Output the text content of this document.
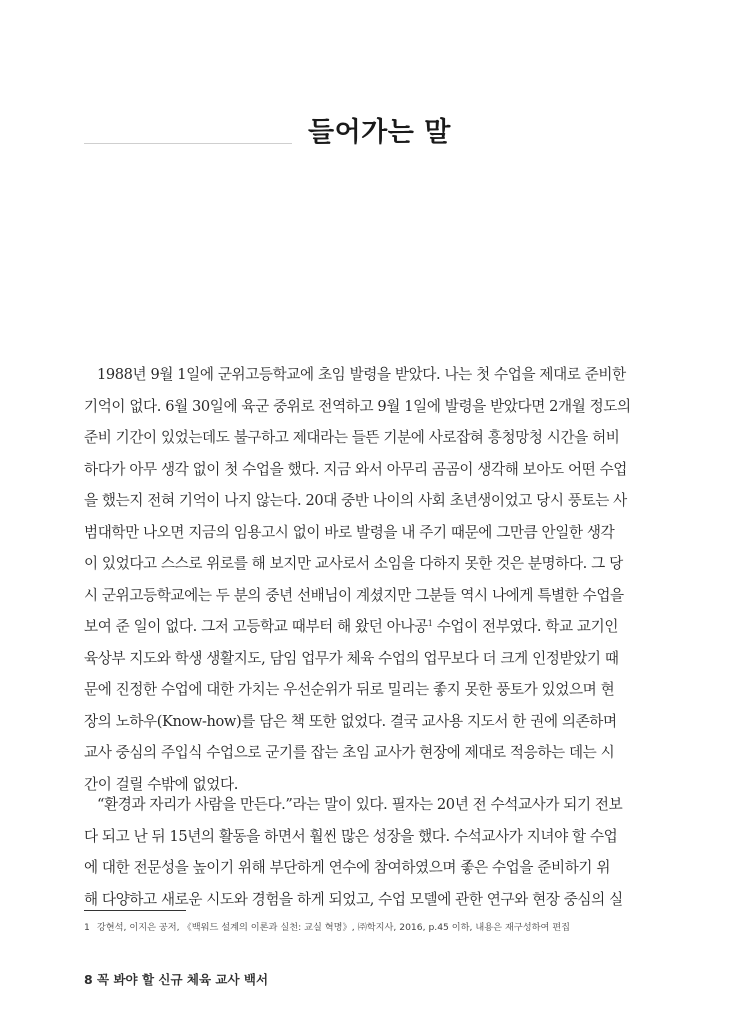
들어가는 말
1988년 9월 1일에 군위고등학교에 초임 발령을 받았다. 나는 첫 수업을 제대로 준비한
기억이 없다. 6월 30일에 육군 중위로 전역하고 9월 1일에 발령을 받았다면 2개월 정도의
준비 기간이 있었는데도 불구하고 제대라는 들뜬 기분에 사로잡혀 흥청망청 시간을 허비
하다가 아무 생각 없이 첫 수업을 했다. 지금 와서 아무리 곰곰이 생각해 보아도 어떤 수업
을 했는지 전혀 기억이 나지 않는다. 20대 중반 나이의 사회 초년생이었고 당시 풍토는 사
범대학만 나오면 지금의 임용고시 없이 바로 발령을 내 주기 때문에 그만큼 안일한 생각
이 있었다고 스스로 위로를 해 보지만 교사로서 소임을 다하지 못한 것은 분명하다. 그 당
시 군위고등학교에는 두 분의 중년 선배님이 계셨지만 그분들 역시 나에게 특별한 수업을
보여 준 일이 없다. 그저 고등학교 때부터 해 왔던 아나공$^1$ 수업이 전부였다. 학교 교기인
육상부 지도와 학생 생활지도, 담임 업무가 체육 수업의 업무보다 더 크게 인정받았기 때
문에 진정한 수업에 대한 가치는 우선순위가 뒤로 밀리는 좋지 못한 풍토가 있었으며 현
장의 노하우(Know-how)를 담은 책 또한 없었다. 결국 교사용 지도서 한 권에 의존하며
교사 중심의 주입식 수업으로 군기를 잡는 초임 교사가 현장에 제대로 적응하는 데는 시
간이 걸릴 수밖에 없었다.
“환경과 자리가 사람을 만든다.”라는 말이 있다. 필자는 20년 전 수석교사가 되기 전보
다 되고 난 뒤 15년의 활동을 하면서 훨씬 많은 성장을 했다. 수석교사가 지녀야 할 수업
에 대한 전문성을 높이기 위해 부단하게 연수에 참여하였으며 좋은 수업을 준비하기 위
해 다양하고 새로운 시도와 경험을 하게 되었고, 수업 모델에 관한 연구와 현장 중심의 실

1 강현석, 이지은 공저, 《백워드 설계의 이론과 실천: 교실 혁명》, ㈜학지사, 2016, p.45 이하, 내용은 재구성하여 편집

8 꼭 봐야 할 신규 체육 교사 백서
